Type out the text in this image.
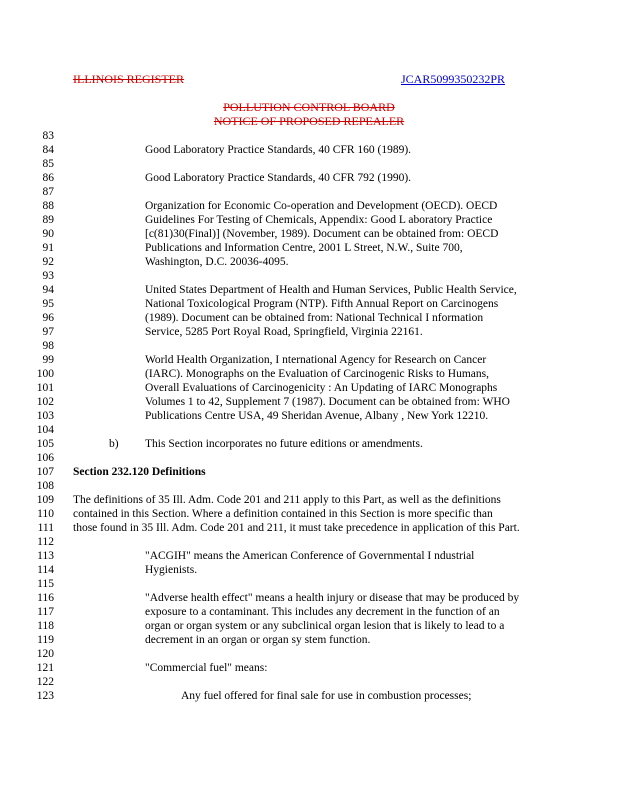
ILLINOIS REGISTER	JCAR5099350232PR
POLLUTION CONTROL BOARD
NOTICE OF PROPOSED REPEALER
83
84
85
86
87
88
89
90
91
92
93
94
95
96
97
98
99
100
101
102
103
104
105
106
107
108
109
110
111
112
113
114
115
116
117
118
119
120
121
122
123
Good Laboratory Practice Standards, 40 CFR 160 (1989).
Good Laboratory Practice Standards, 40 CFR 792 (1990).
Organization for Economic Co-operation and Development (OECD). OECD
Guidelines For Testing of Chemicals, Appendix: Good L aboratory Practice
[c(81)30(Final)] (November, 1989). Document can be obtained from: OECD
Publications and Information Centre, 2001 L Street, N.W., Suite 700,
Washington, D.C. 20036-4095.
United States Department of Health and Human Services, Public Health Service,
National Toxicological Program (NTP). Fifth Annual Report on Carcinogens
(1989). Document can be obtained from: National Technical I nformation
Service, 5285 Port Royal Road, Springfield, Virginia 22161.
World Health Organization, I nternational Agency for Research on Cancer
(IARC). Monographs on the Evaluation of Carcinogenic Risks to Humans,
Overall Evaluations of Carcinogenicity : An Updating of IARC Monographs
Volumes 1 to 42, Supplement 7 (1987). Document can be obtained from: WHO
Publications Centre USA, 49 Sheridan Avenue, Albany , New York 12210.
b) This Section incorporates no future editions or amendments.
Section 232.120 Definitions
The definitions of 35 Ill. Adm. Code 201 and 211 apply to this Part, as well as the definitions
contained in this Section. Where a definition contained in this Section is more specific than
those found in 35 Ill. Adm. Code 201 and 211, it must take precedence in application of this Part.
"ACGIH" means the American Conference of Governmental I ndustrial
Hygienists.
"Adverse health effect" means a health injury or disease that may be produced by
exposure to a contaminant. This includes any decrement in the function of an
organ or organ system or any subclinical organ lesion that is likely to lead to a
decrement in an organ or organ sy stem function.
"Commercial fuel" means:
Any fuel offered for final sale for use in combustion processes;
